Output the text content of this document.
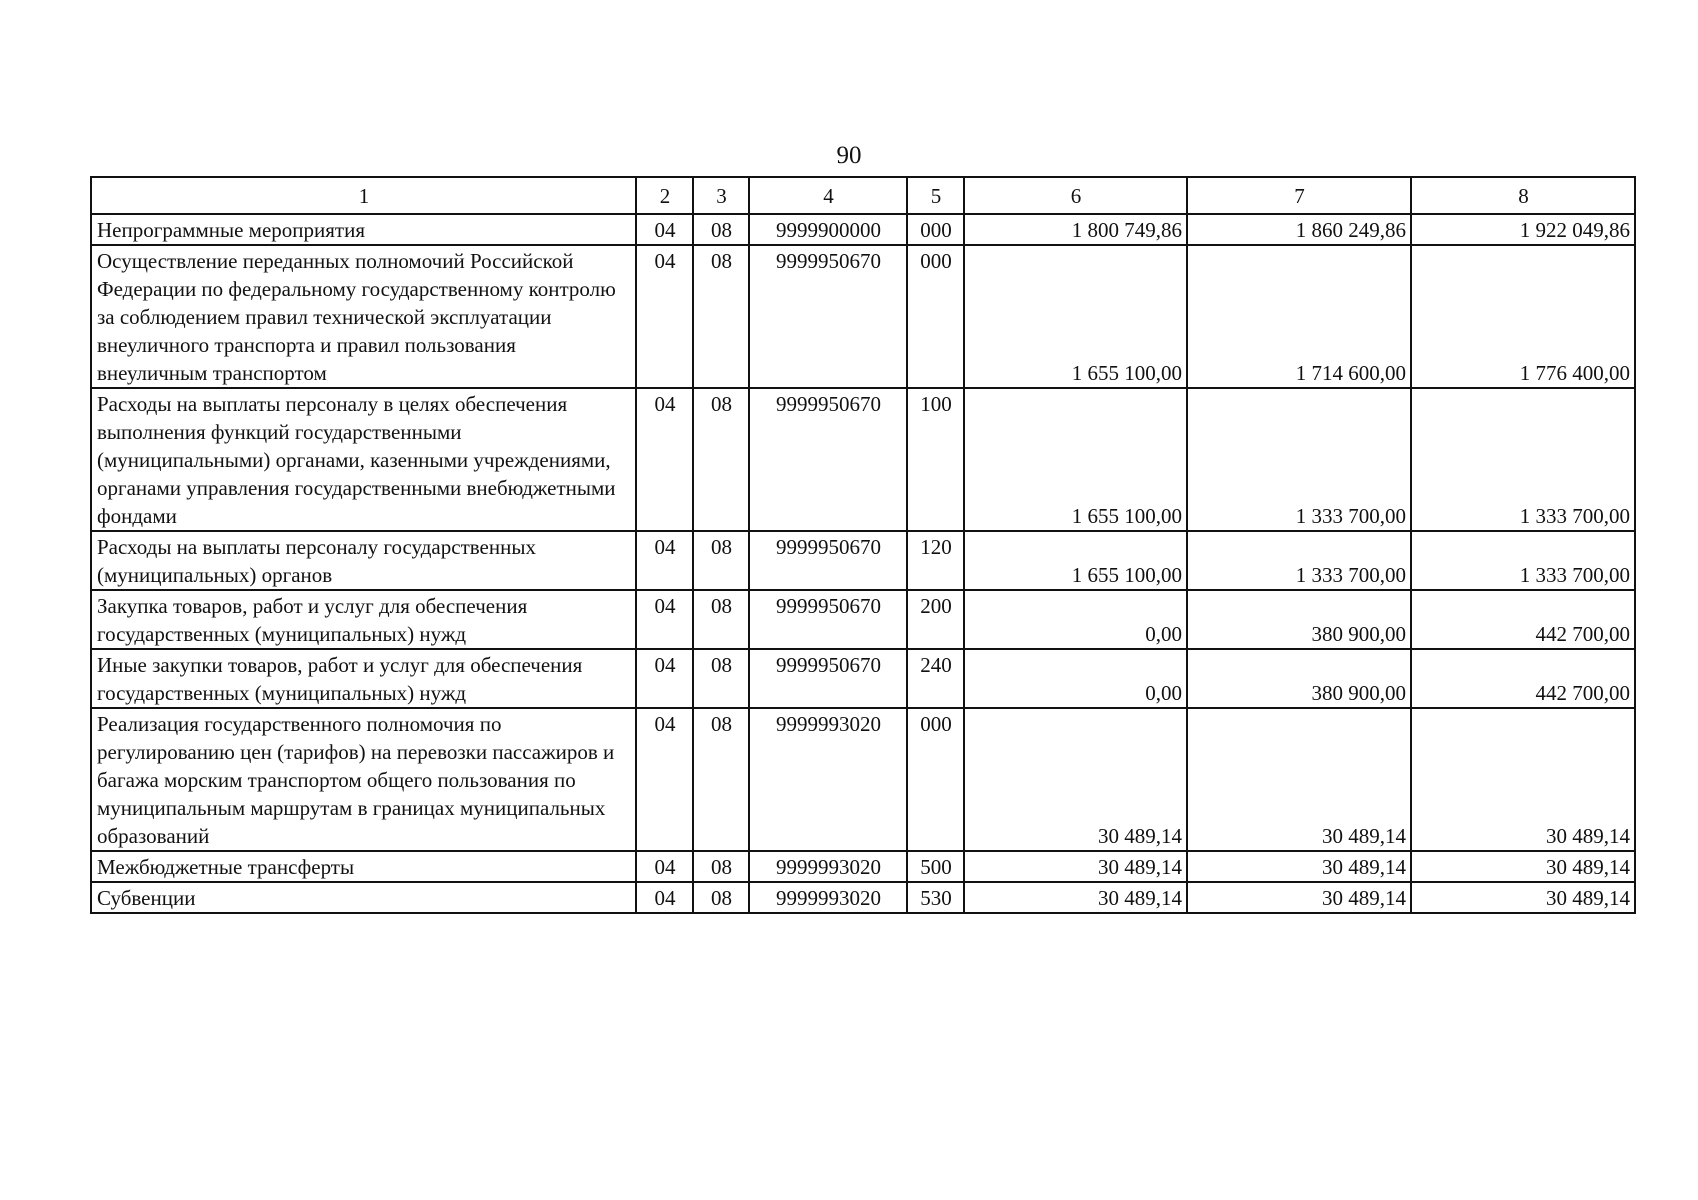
90
1	2	3	4	5	6	7	8

Непрограммные мероприятия	04	08	9999900000	000	1 800 749,86	1 860 249,86	1 922 049,86

Осуществление переданных полномочий Российской Федерации по федеральному государственному контролю за соблюдением правил технической эксплуатации внеуличного транспорта и правил пользования внеуличным транспортом	04	08	9999950670	000	1 655 100,00	1 714 600,00	1 776 400,00

Расходы на выплаты персоналу в целях обеспечения выполнения функций государственными (муниципальными) органами, казенными учреждениями, органами управления государственными внебюджетными фондами	04	08	9999950670	100	1 655 100,00	1 333 700,00	1 333 700,00

Расходы на выплаты персоналу государственных (муниципальных) органов	04	08	9999950670	120	1 655 100,00	1 333 700,00	1 333 700,00

Закупка товаров, работ и услуг для обеспечения государственных (муниципальных) нужд	04	08	9999950670	200	0,00	380 900,00	442 700,00

Иные закупки товаров, работ и услуг для обеспечения государственных (муниципальных) нужд	04	08	9999950670	240	0,00	380 900,00	442 700,00

Реализация государственного полномочия по регулированию цен (тарифов) на перевозки пассажиров и багажа морским транспортом общего пользования по муниципальным маршрутам в границах муниципальных образований	04	08	9999993020	000	30 489,14	30 489,14	30 489,14

Межбюджетные трансферты	04	08	9999993020	500	30 489,14	30 489,14	30 489,14

Субвенции	04	08	9999993020	530	30 489,14	30 489,14	30 489,14
